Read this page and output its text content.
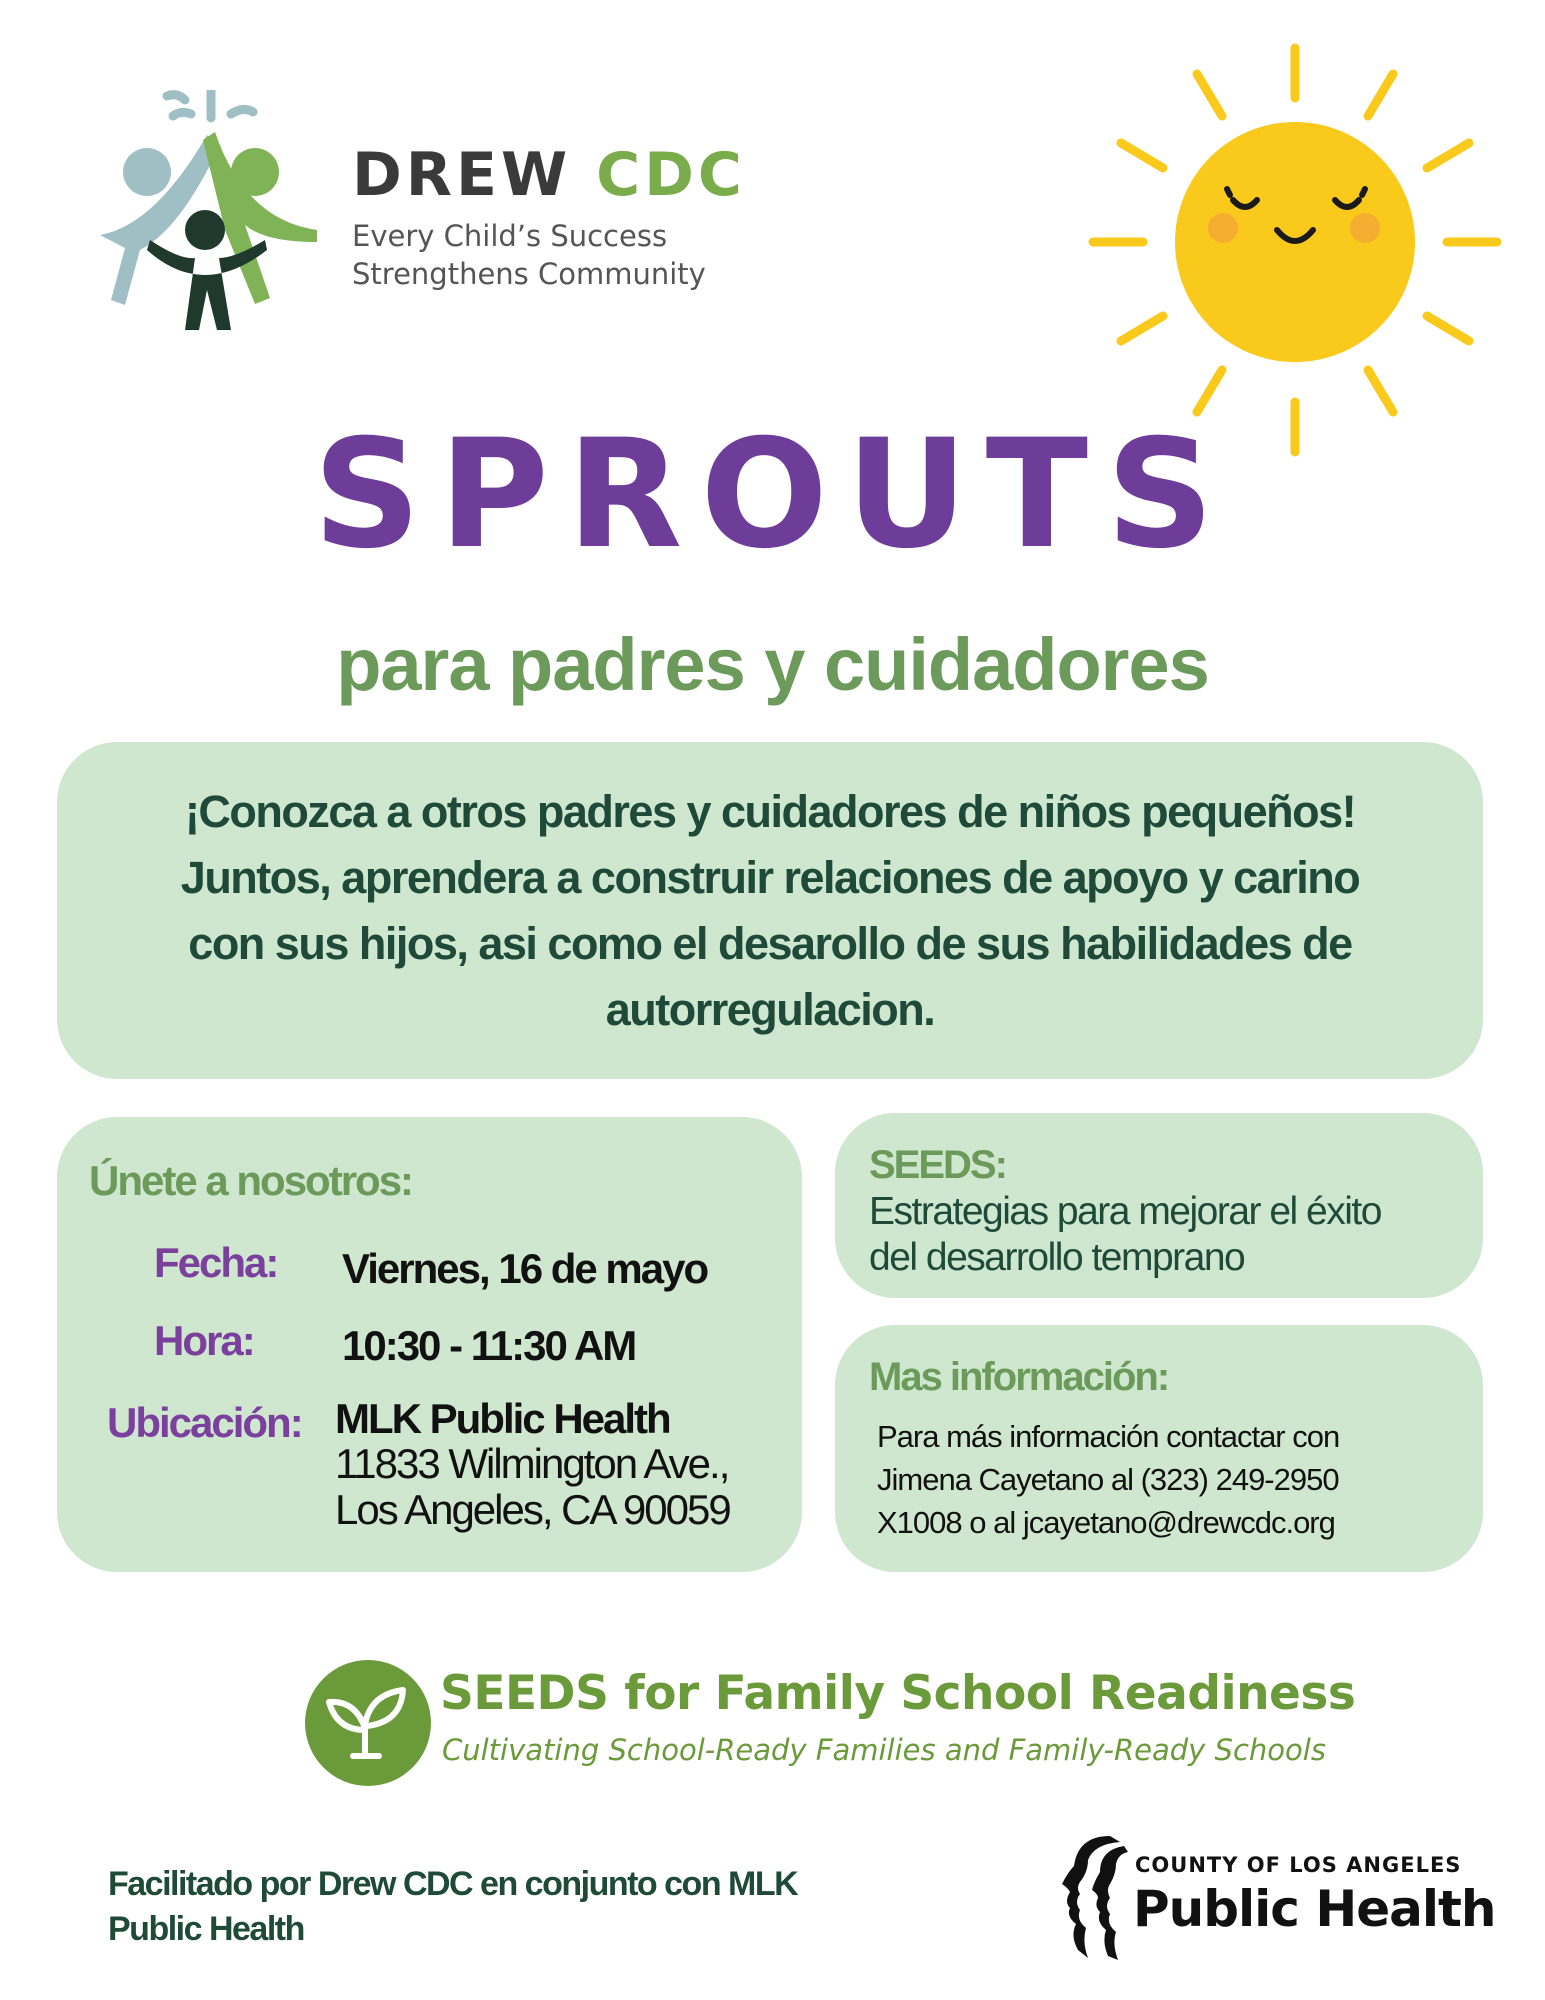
DREW CDC
Every Child’s Success
Strengthens Community
SPROUTS
para padres y cuidadores
¡Conozca a otros padres y cuidadores de niños pequeños!
Juntos, aprendera a construir relaciones de apoyo y carino
con sus hijos, asi como el desarollo de sus habilidades de
autorregulacion.
Únete a nosotros:
Fecha: Viernes, 16 de mayo
Hora: 10:30 - 11:30 AM
Ubicación: MLK Public Health
11833 Wilmington Ave.,
Los Angeles, CA 90059
SEEDS:
Estrategias para mejorar el éxito
del desarrollo temprano
Mas información:
Para más información contactar con
Jimena Cayetano al (323) 249-2950
X1008 o al jcayetano@drewcdc.org
SEEDS for Family School Readiness
Cultivating School-Ready Families and Family-Ready Schools
Facilitado por Drew CDC en conjunto con MLK
Public Health
COUNTY OF LOS ANGELES
Public Health
